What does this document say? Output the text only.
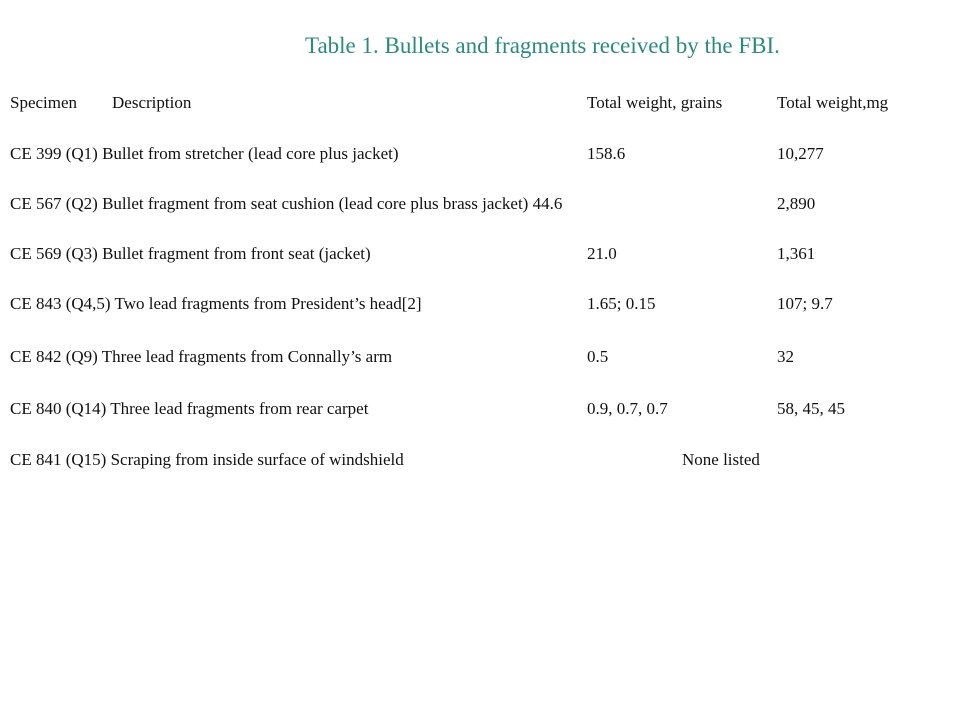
Table 1. Bullets and fragments received by the FBI.
Specimen Description	Total weight, grains	Total weight,mg
CE 399 (Q1) Bullet from stretcher (lead core plus jacket)	158.6	10,277
CE 567 (Q2) Bullet fragment from seat cushion (lead core plus brass jacket) 44.6	2,890
CE 569 (Q3) Bullet fragment from front seat (jacket)	21.0	1,361
CE 843 (Q4,5) Two lead fragments from President’s head[2]	1.65; 0.15	107; 9.7
CE 842 (Q9) Three lead fragments from Connally’s arm	0.5	32
CE 840 (Q14) Three lead fragments from rear carpet	0.9, 0.7, 0.7	58, 45, 45
CE 841 (Q15) Scraping from inside surface of windshield	None listed
